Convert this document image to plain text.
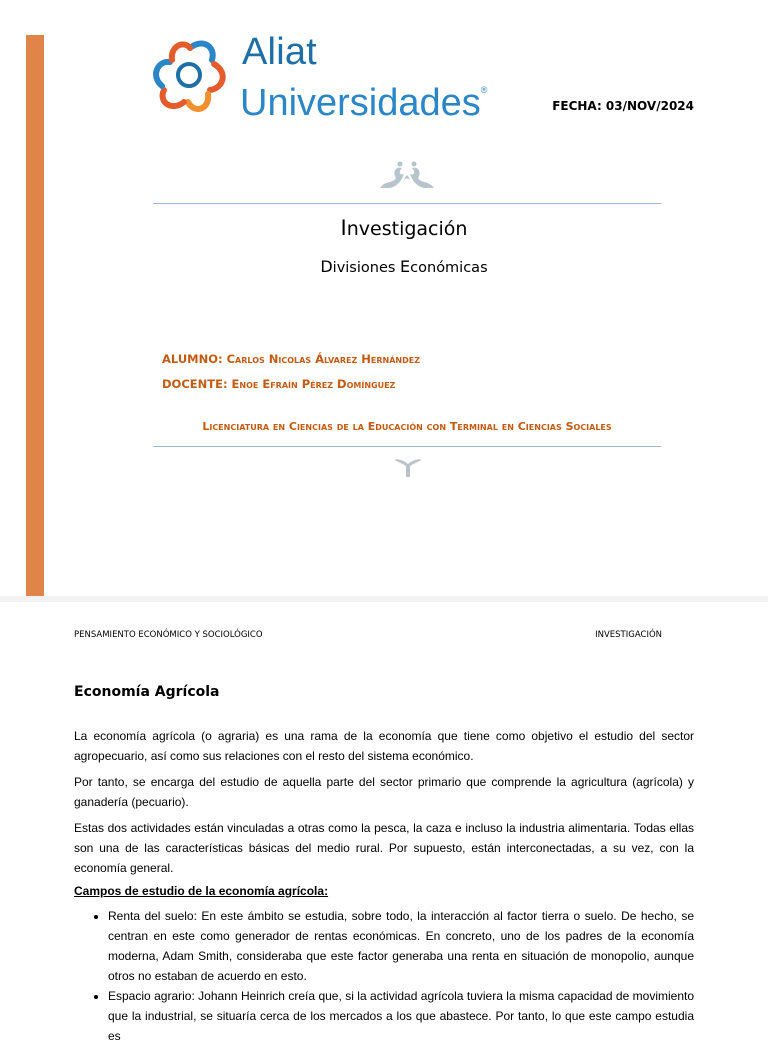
Aliat
Universidades®
FECHA: 03/NOV/2024
Investigación
Divisiones Económicas
ALUMNO: Carlos Nicolas Álvarez Hernández
DOCENTE: Enoe Efraín Pérez Domínguez
Licenciatura en Ciencias de la Educación con Terminal en Ciencias Sociales
PENSAMIENTO ECONÓMICO Y SOCIOLÓGICO	INVESTIGACIÓN
Economía Agrícola
La economía agrícola (o agraria) es una rama de la economía que tiene como objetivo el estudio del sector agropecuario, así como sus relaciones con el resto del sistema económico.
Por tanto, se encarga del estudio de aquella parte del sector primario que comprende la agricultura (agrícola) y ganadería (pecuario).
Estas dos actividades están vinculadas a otras como la pesca, la caza e incluso la industria alimentaria. Todas ellas son una de las características básicas del medio rural. Por supuesto, están interconectadas, a su vez, con la economía general.
Campos de estudio de la economía agrícola:
• Renta del suelo: En este ámbito se estudia, sobre todo, la interacción al factor tierra o suelo. De hecho, se centran en este como generador de rentas económicas. En concreto, uno de los padres de la economía moderna, Adam Smith, consideraba que este factor generaba una renta en situación de monopolio, aunque otros no estaban de acuerdo en esto.
• Espacio agrario: Johann Heinrich creía que, si la actividad agrícola tuviera la misma capacidad de movimiento que la industrial, se situaría cerca de los mercados a los que abastece. Por tanto, lo que este campo estudia es
